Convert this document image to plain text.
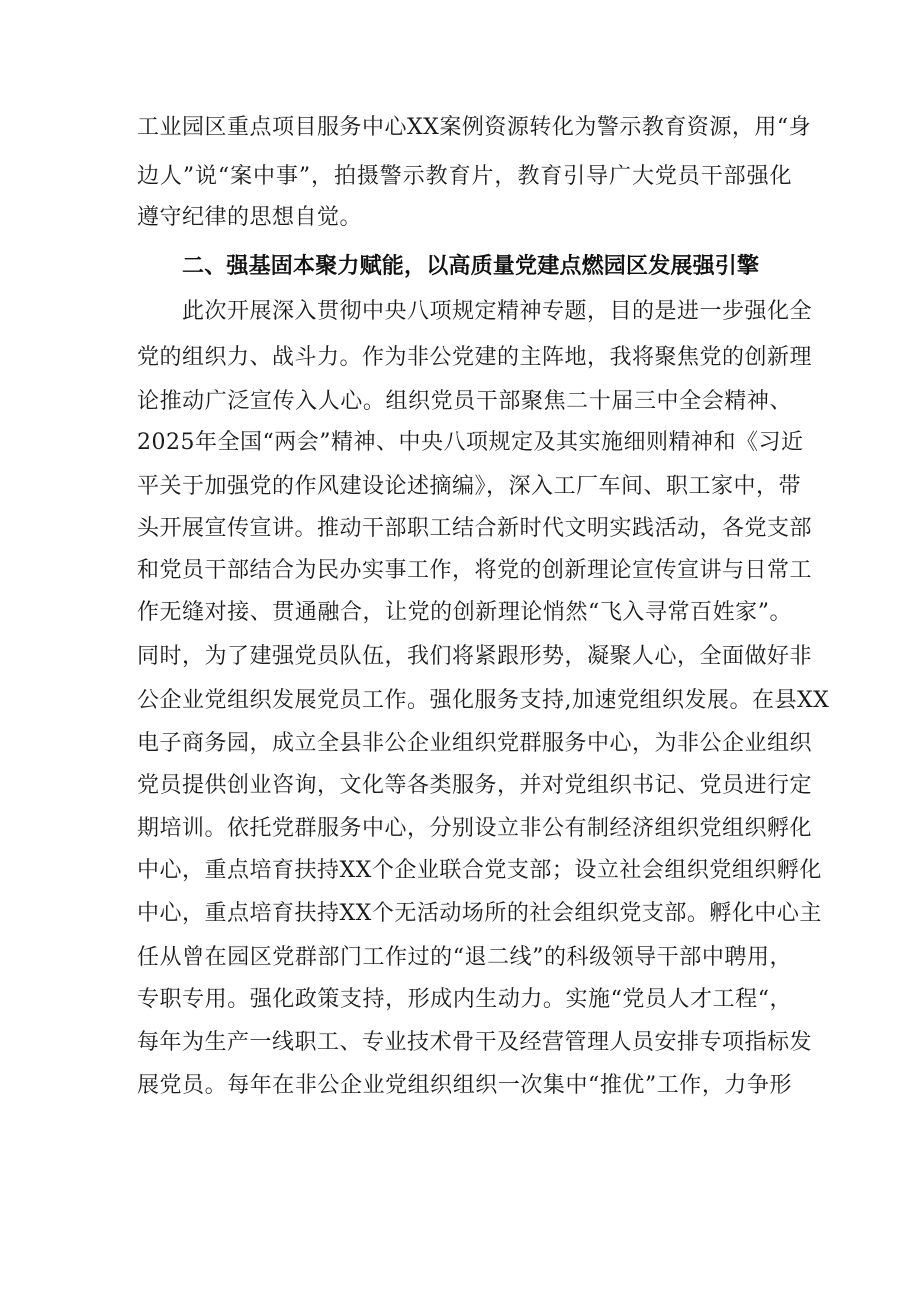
工业园区重点项目服务中心XX案例资源转化为警示教育资源，用“身
边人”说“案中事”，拍摄警示教育片，教育引导广大党员干部强化
遵守纪律的思想自觉。
二、强基固本聚力赋能，以高质量党建点燃园区发展强引擎
此次开展深入贯彻中央八项规定精神专题，目的是进一步强化全
党的组织力、战斗力。作为非公党建的主阵地，我将聚焦党的创新理
论推动广泛宣传入人心。组织党员干部聚焦二十届三中全会精神、
2025年全国“两会”精神、中央八项规定及其实施细则精神和《习近
平关于加强党的作风建设论述摘编》，深入工厂车间、职工家中，带
头开展宣传宣讲。推动干部职工结合新时代文明实践活动，各党支部
和党员干部结合为民办实事工作，将党的创新理论宣传宣讲与日常工
作无缝对接、贯通融合，让党的创新理论悄然“飞入寻常百姓家”。
同时，为了建强党员队伍，我们将紧跟形势，凝聚人心，全面做好非
公企业党组织发展党员工作。强化服务支持,加速党组织发展。在县XX
电子商务园，成立全县非公企业组织党群服务中心，为非公企业组织
党员提供创业咨询，文化等各类服务，并对党组织书记、党员进行定
期培训。依托党群服务中心，分别设立非公有制经济组织党组织孵化
中心，重点培育扶持XX个企业联合党支部；设立社会组织党组织孵化
中心，重点培育扶持XX个无活动场所的社会组织党支部。孵化中心主
任从曾在园区党群部门工作过的“退二线”的科级领导干部中聘用，
专职专用。强化政策支持，形成内生动力。实施“党员人才工程“，
每年为生产一线职工、专业技术骨干及经营管理人员安排专项指标发
展党员。每年在非公企业党组织组织一次集中“推优”工作，力争形
